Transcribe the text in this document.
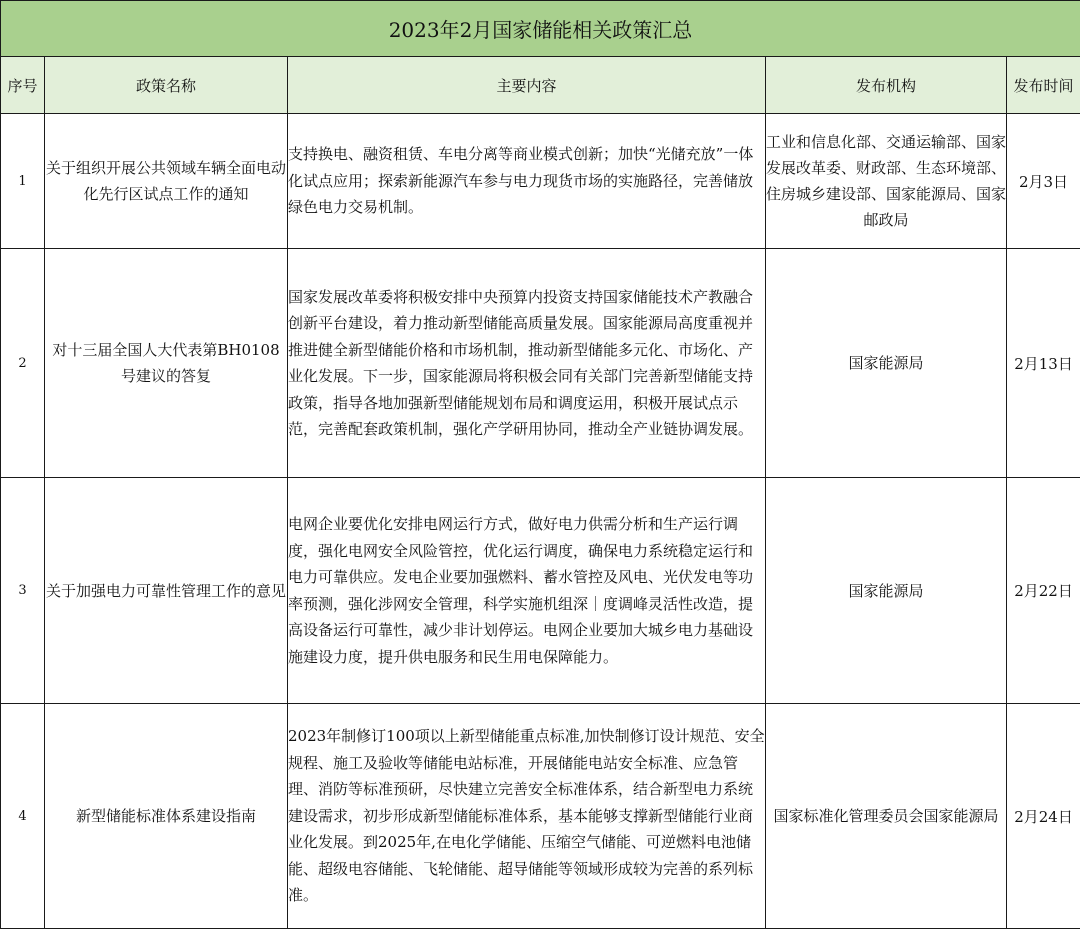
2023年2月国家储能相关政策汇总				
序号	政策名称	主要内容	发布机构	发布时间
1	关于组织开展公共领域车辆全面电动化先行区试点工作的通知	支持换电、融资租赁、车电分离等商业模式创新；加快“光储充放”一体化试点应用；探索新能源汽车参与电力现货市场的实施路径，完善储放绿色电力交易机制。	工业和信息化部、交通运输部、国家发展改革委、财政部、生态环境部、住房城乡建设部、国家能源局、国家邮政局	2月3日
2	对十三届全国人大代表第BH0108号建议的答复	国家发展改革委将积极安排中央预算内投资支持国家储能技术产教融合创新平台建设，着力推动新型储能高质量发展。国家能源局高度重视并推进健全新型储能价格和市场机制，推动新型储能多元化、市场化、产业化发展。下一步，国家能源局将积极会同有关部门完善新型储能支持政策，指导各地加强新型储能规划布局和调度运用，积极开展试点示范，完善配套政策机制，强化产学研用协同，推动全产业链协调发展。	国家能源局	2月13日
3	关于加强电力可靠性管理工作的意见	电网企业要优化安排电网运行方式，做好电力供需分析和生产运行调度，强化电网安全风险管控，优化运行调度，确保电力系统稳定运行和电力可靠供应。发电企业要加强燃料、蓄水管控及风电、光伏发电等功率预测，强化涉网安全管理，科学实施机组深｜度调峰灵活性改造，提高设备运行可靠性，减少非计划停运。电网企业要加大城乡电力基础设施建设力度，提升供电服务和民生用电保障能力。	国家能源局	2月22日
4	新型储能标准体系建设指南	2023年制修订100项以上新型储能重点标准,加快制修订设计规范、安全规程、施工及验收等储能电站标准，开展储能电站安全标准、应急管理、消防等标准预研，尽快建立完善安全标准体系，结合新型电力系统建设需求，初步形成新型储能标准体系，基本能够支撑新型储能行业商业化发展。到2025年,在电化学储能、压缩空气储能、可逆燃料电池储能、超级电容储能、飞轮储能、超导储能等领域形成较为完善的系列标准。	国家标准化管理委员会国家能源局	2月24日
